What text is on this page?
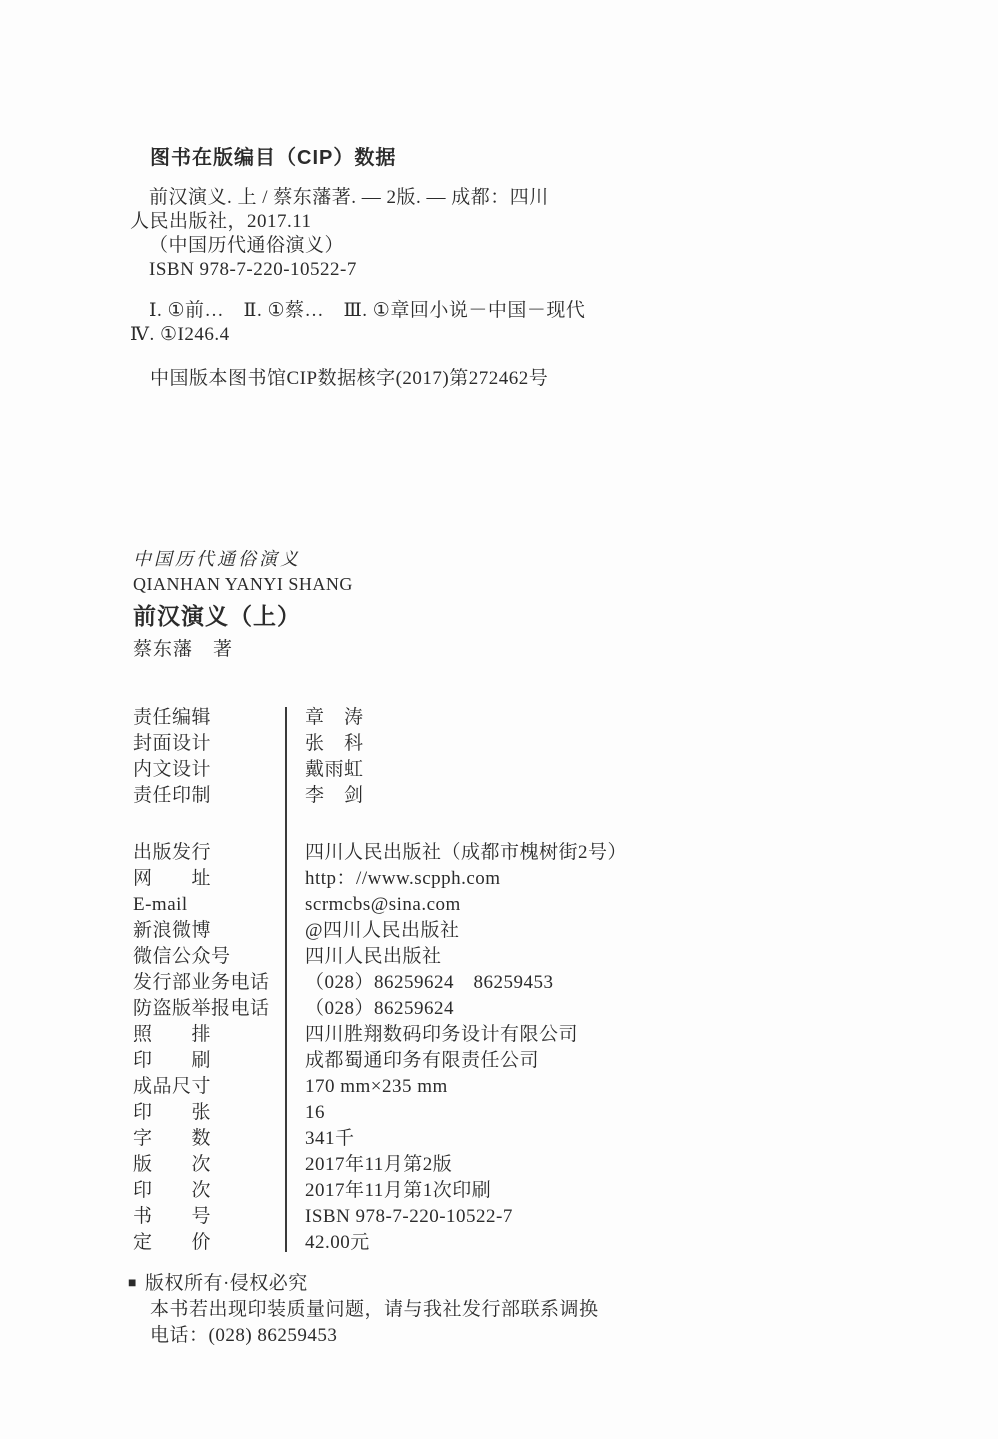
图书在版编目（CIP）数据
前汉演义. 上 / 蔡东藩著. — 2版. — 成都：四川
人民出版社，2017.11
（中国历代通俗演义）
ISBN 978-7-220-10522-7
Ⅰ. ①前…　Ⅱ. ①蔡…　Ⅲ. ①章回小说－中国－现代
Ⅳ. ①I246.4
中国版本图书馆CIP数据核字(2017)第272462号
中国历代通俗演义
QIANHAN YANYI SHANG
前汉演义（上）
蔡东藩　著
责任编辑	章　涛
封面设计	张　科
内文设计	戴雨虹
责任印制	李　剑
出版发行	四川人民出版社（成都市槐树街2号）
网　　址	http：//www.scpph.com
E-mail	scrmcbs@sina.com
新浪微博	@四川人民出版社
微信公众号	四川人民出版社
发行部业务电话	（028）86259624　86259453
防盗版举报电话	（028）86259624
照　　排	四川胜翔数码印务设计有限公司
印　　刷	成都蜀通印务有限责任公司
成品尺寸	170 mm×235 mm
印　　张	16
字　　数	341千
版　　次	2017年11月第2版
印　　次	2017年11月第1次印刷
书　　号	ISBN 978-7-220-10522-7
定　　价	42.00元
■ 版权所有·侵权必究
本书若出现印装质量问题，请与我社发行部联系调换
电话：(028) 86259453
